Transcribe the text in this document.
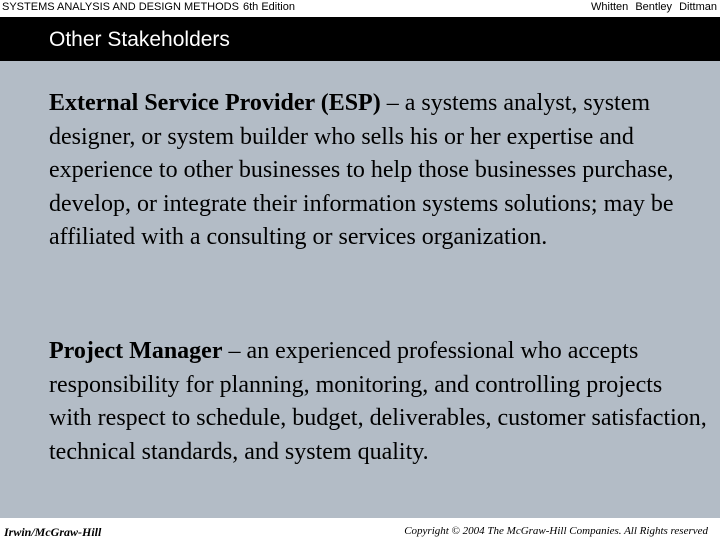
SYSTEMS ANALYSIS AND DESIGN METHODS 6th Edition	Whitten Bentley Dittman
Other Stakeholders
External Service Provider (ESP) – a systems analyst, system designer, or system builder who sells his or her expertise and experience to other businesses to help those businesses purchase, develop, or integrate their information systems solutions; may be affiliated with a consulting or services organization.
Project Manager – an experienced professional who accepts responsibility for planning, monitoring, and controlling projects with respect to schedule, budget, deliverables, customer satisfaction, technical standards, and system quality.
Irwin/McGraw-Hill	Copyright © 2004 The McGraw-Hill Companies. All Rights reserved
